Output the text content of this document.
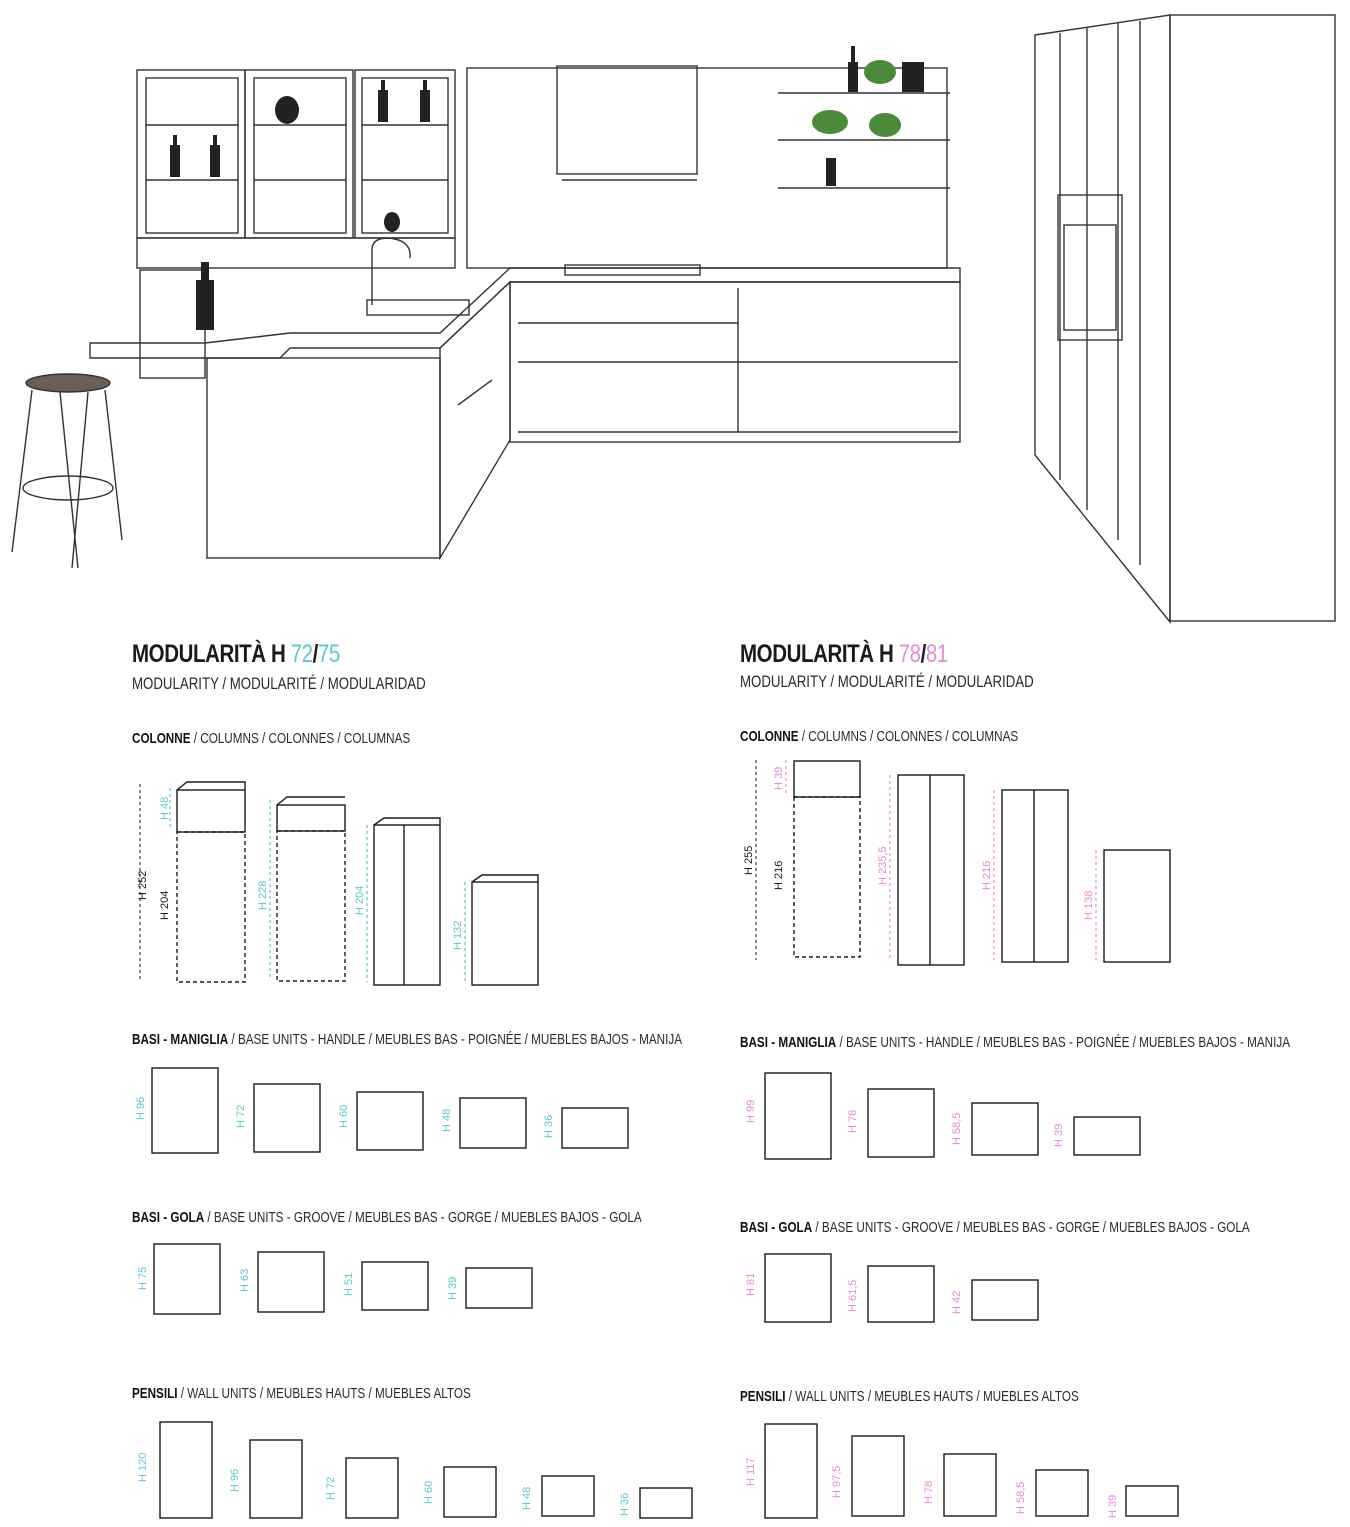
MODULARITÀ H 72/75
MODULARITY / MODULARITÉ / MODULARIDAD
COLONNE / COLUMNS / COLONNES / COLUMNAS
H 252
H 204
H 48
H 228	H 204
H 132
BASI - MANIGLIA / BASE UNITS - HANDLE / MEUBLES BAS - POIGNÉE / MUEBLES BAJOS - MANIJA
H 96	H 72	H 60	H 48	H 36
BASI - GOLA / BASE UNITS - GROOVE / MEUBLES BAS - GORGE / MUEBLES BAJOS - GOLA
H 75	H 63	H 51	H 39
PENSILI / WALL UNITS / MEUBLES HAUTS / MUEBLES ALTOS
H 120	H 96	H 72	H 60	H 48	H 36
MODULARITÀ H 78/81
MODULARITY / MODULARITÉ / MODULARIDAD
COLONNE / COLUMNS / COLONNES / COLUMNAS
H 255
H 216
H 39
H 235,5	H 216
H 138
BASI - MANIGLIA / BASE UNITS - HANDLE / MEUBLES BAS - POIGNÉE / MUEBLES BAJOS - MANIJA
H 99	H 78	H 58,5	H 39
BASI - GOLA / BASE UNITS - GROOVE / MEUBLES BAS - GORGE / MUEBLES BAJOS - GOLA
H 81	H 61,5	H 42
PENSILI / WALL UNITS / MEUBLES HAUTS / MUEBLES ALTOS
H 117	H 97,5	H 78	H 58,5	H 39
